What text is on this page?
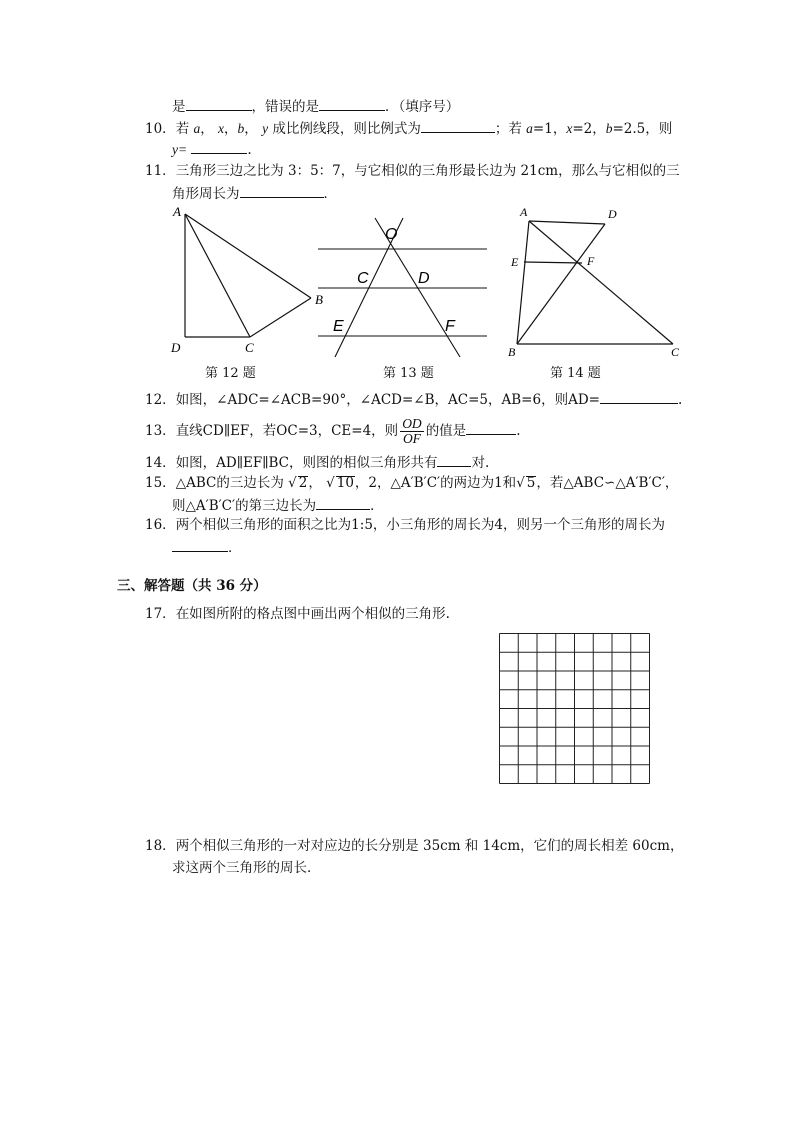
是	，错误的是	．（填序号）
10．若 a， x，b， y 成比例线段，则比例式为	；若 a=1，x=2，b=2.5，则
y=	.
11．三角形三边之比为 3：5：7，与它相似的三角形最长边为 21cm，那么与它相似的三
角形周长为	．
A
B
C
D
第 12 题
O
C	D
E	F
第 13 题
A	D
E	F
B	C
第 14 题
12．如图，∠ADC=∠ACB=90°，∠ACD=∠B，AC=5，AB=6，则AD=	.
13．直线CD∥EF，若OC=3，CE=4，则 $\frac{OD}{OF}$ 的值是	.
14．如图，AD∥EF∥BC，则图的相似三角形共有	对.
15．△ABC的三边长为 √ 2， √ 10，2，△A′B′C′的两边为1和√ 5，若△ABC∽△A′B′C′，
则△A′B′C′的第三边长为	．
16．两个相似三角形的面积之比为1:5，小三角形的周长为4，则另一个三角形的周长为
．
三、解答题（共 36 分）
17．在如图所附的格点图中画出两个相似的三角形.
18．两个相似三角形的一对对应边的长分别是 35cm 和 14cm，它们的周长相差 60cm，
求这两个三角形的周长．
